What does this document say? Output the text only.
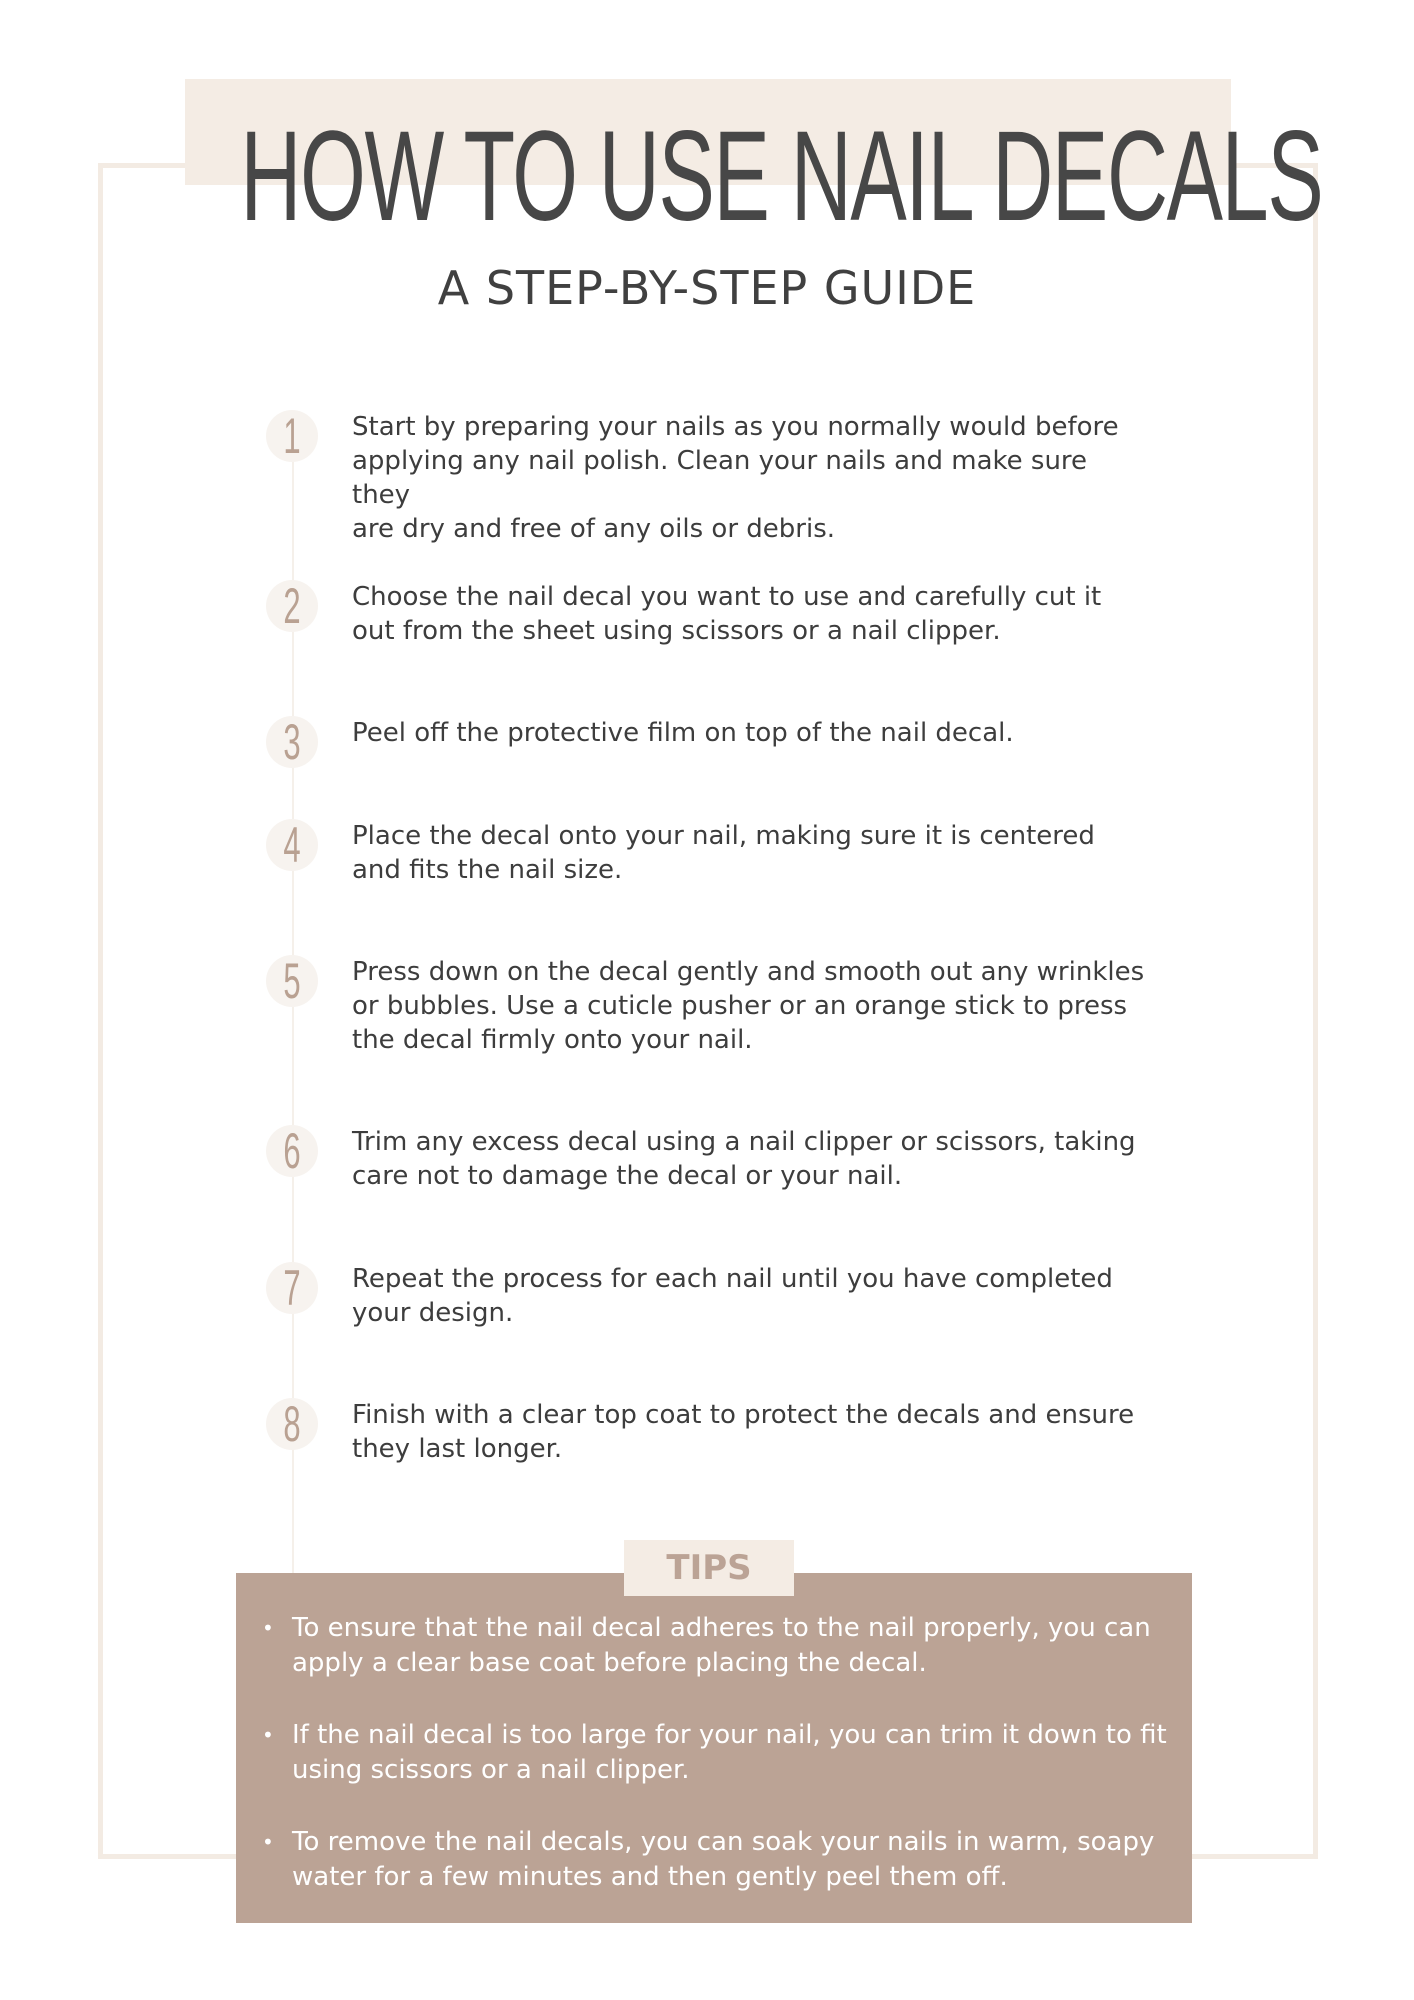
HOW TO USE NAIL DECALS
A STEP-BY-STEP GUIDE
1 Start by preparing your nails as you normally would before
applying any nail polish. Clean your nails and make sure they
are dry and free of any oils or debris.
2 Choose the nail decal you want to use and carefully cut it
out from the sheet using scissors or a nail clipper.
3 Peel off the protective film on top of the nail decal.
4 Place the decal onto your nail, making sure it is centered
and fits the nail size.
5 Press down on the decal gently and smooth out any wrinkles
or bubbles. Use a cuticle pusher or an orange stick to press
the decal firmly onto your nail.
6 Trim any excess decal using a nail clipper or scissors, taking
care not to damage the decal or your nail.
7 Repeat the process for each nail until you have completed
your design.
8 Finish with a clear top coat to protect the decals and ensure
they last longer.
TIPS
• To ensure that the nail decal adheres to the nail properly, you can
apply a clear base coat before placing the decal.
• If the nail decal is too large for your nail, you can trim it down to fit
using scissors or a nail clipper.
• To remove the nail decals, you can soak your nails in warm, soapy
water for a few minutes and then gently peel them off.
